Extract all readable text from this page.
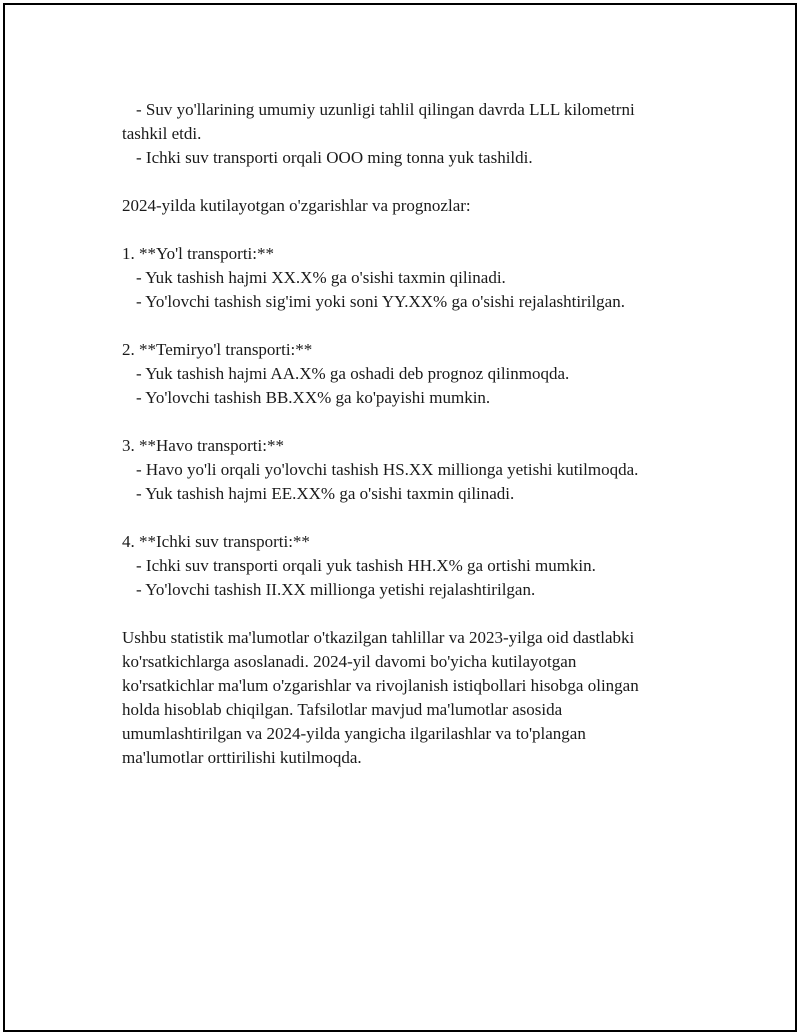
- Suv yo'llarining umumiy uzunligi tahlil qilingan davrda LLL kilometrni
tashkil etdi.
- Ichki suv transporti orqali OOO ming tonna yuk tashildi.
2024-yilda kutilayotgan o'zgarishlar va prognozlar:
1. **Yo'l transporti:**
- Yuk tashish hajmi XX.X% ga o'sishi taxmin qilinadi.
- Yo'lovchi tashish sig'imi yoki soni YY.XX% ga o'sishi rejalashtirilgan.
2. **Temiryo'l transporti:**
- Yuk tashish hajmi AA.X% ga oshadi deb prognoz qilinmoqda.
- Yo'lovchi tashish BB.XX% ga ko'payishi mumkin.
3. **Havo transporti:**
- Havo yo'li orqali yo'lovchi tashish HS.XX millionga yetishi kutilmoqda.
- Yuk tashish hajmi EE.XX% ga o'sishi taxmin qilinadi.
4. **Ichki suv transporti:**
- Ichki suv transporti orqali yuk tashish HH.X% ga ortishi mumkin.
- Yo'lovchi tashish II.XX millionga yetishi rejalashtirilgan.
Ushbu statistik ma'lumotlar o'tkazilgan tahlillar va 2023-yilga oid dastlabki
ko'rsatkichlarga asoslanadi. 2024-yil davomi bo'yicha kutilayotgan
ko'rsatkichlar ma'lum o'zgarishlar va rivojlanish istiqbollari hisobga olingan
holda hisoblab chiqilgan. Tafsilotlar mavjud ma'lumotlar asosida
umumlashtirilgan va 2024-yilda yangicha ilgarilashlar va to'plangan
ma'lumotlar orttirilishi kutilmoqda.
